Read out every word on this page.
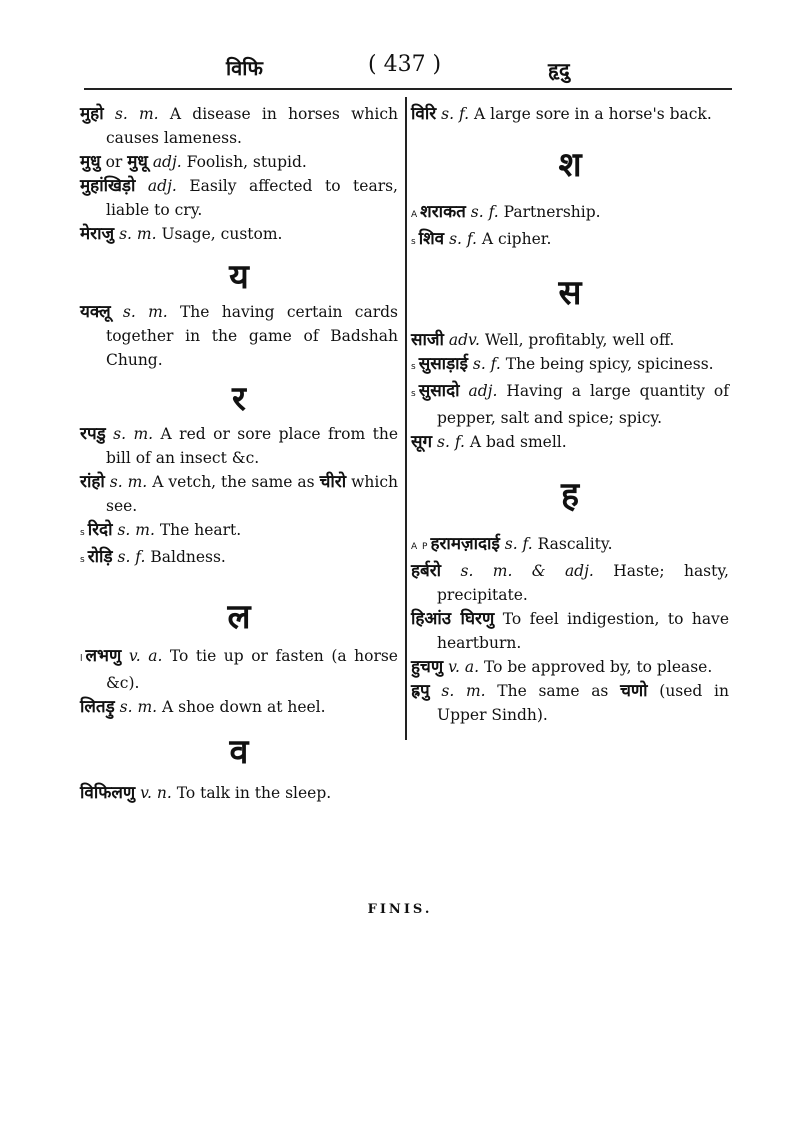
विफि	( 437 )	हृदु

मुहो s. m. A disease in horses which causes lameness.

मुधु or मुधू adj. Foolish, stupid.

मुहांखिड़ो adj. Easily affected to tears, liable to cry.

मेराजु s. m. Usage, custom.

य

यक्लू s. m. The having certain cards together in the game of Badshah Chung.

र

रपडु s. m. A red or sore place from the bill of an insect &c.

रांहो s. m. A vetch, the same as चीरो which see.

s रिदो s. m. The heart.

s रोड़ि s. f. Baldness.

ल

l लभणु v. a. To tie up or fasten (a horse &c).

लितड़ु s. m. A shoe down at heel.

व

विफिलणु v. n. To talk in the sleep.

विरि s. f. A large sore in a horse's back.

श

A शराकत s. f. Partnership.

s शिव s. f. A cipher.

स

साजी adv. Well, profitably, well off.

s सुसाड़ाई s. f. The being spicy, spiciness.

s सुसादो adj. Having a large quantity of pepper, salt and spice; spicy.

सूग s. f. A bad smell.

ह

A P हरामज़ादाई s. f. Rascality.

हर्बरो s. m. & adj. Haste; hasty, precipitate.

हिआंउ घिरणु To feel indigestion, to have heartburn.

हुचणु v. a. To be approved by, to please.

ह्रपु s. m. The same as चणो (used in Upper Sindh).

FINIS.
